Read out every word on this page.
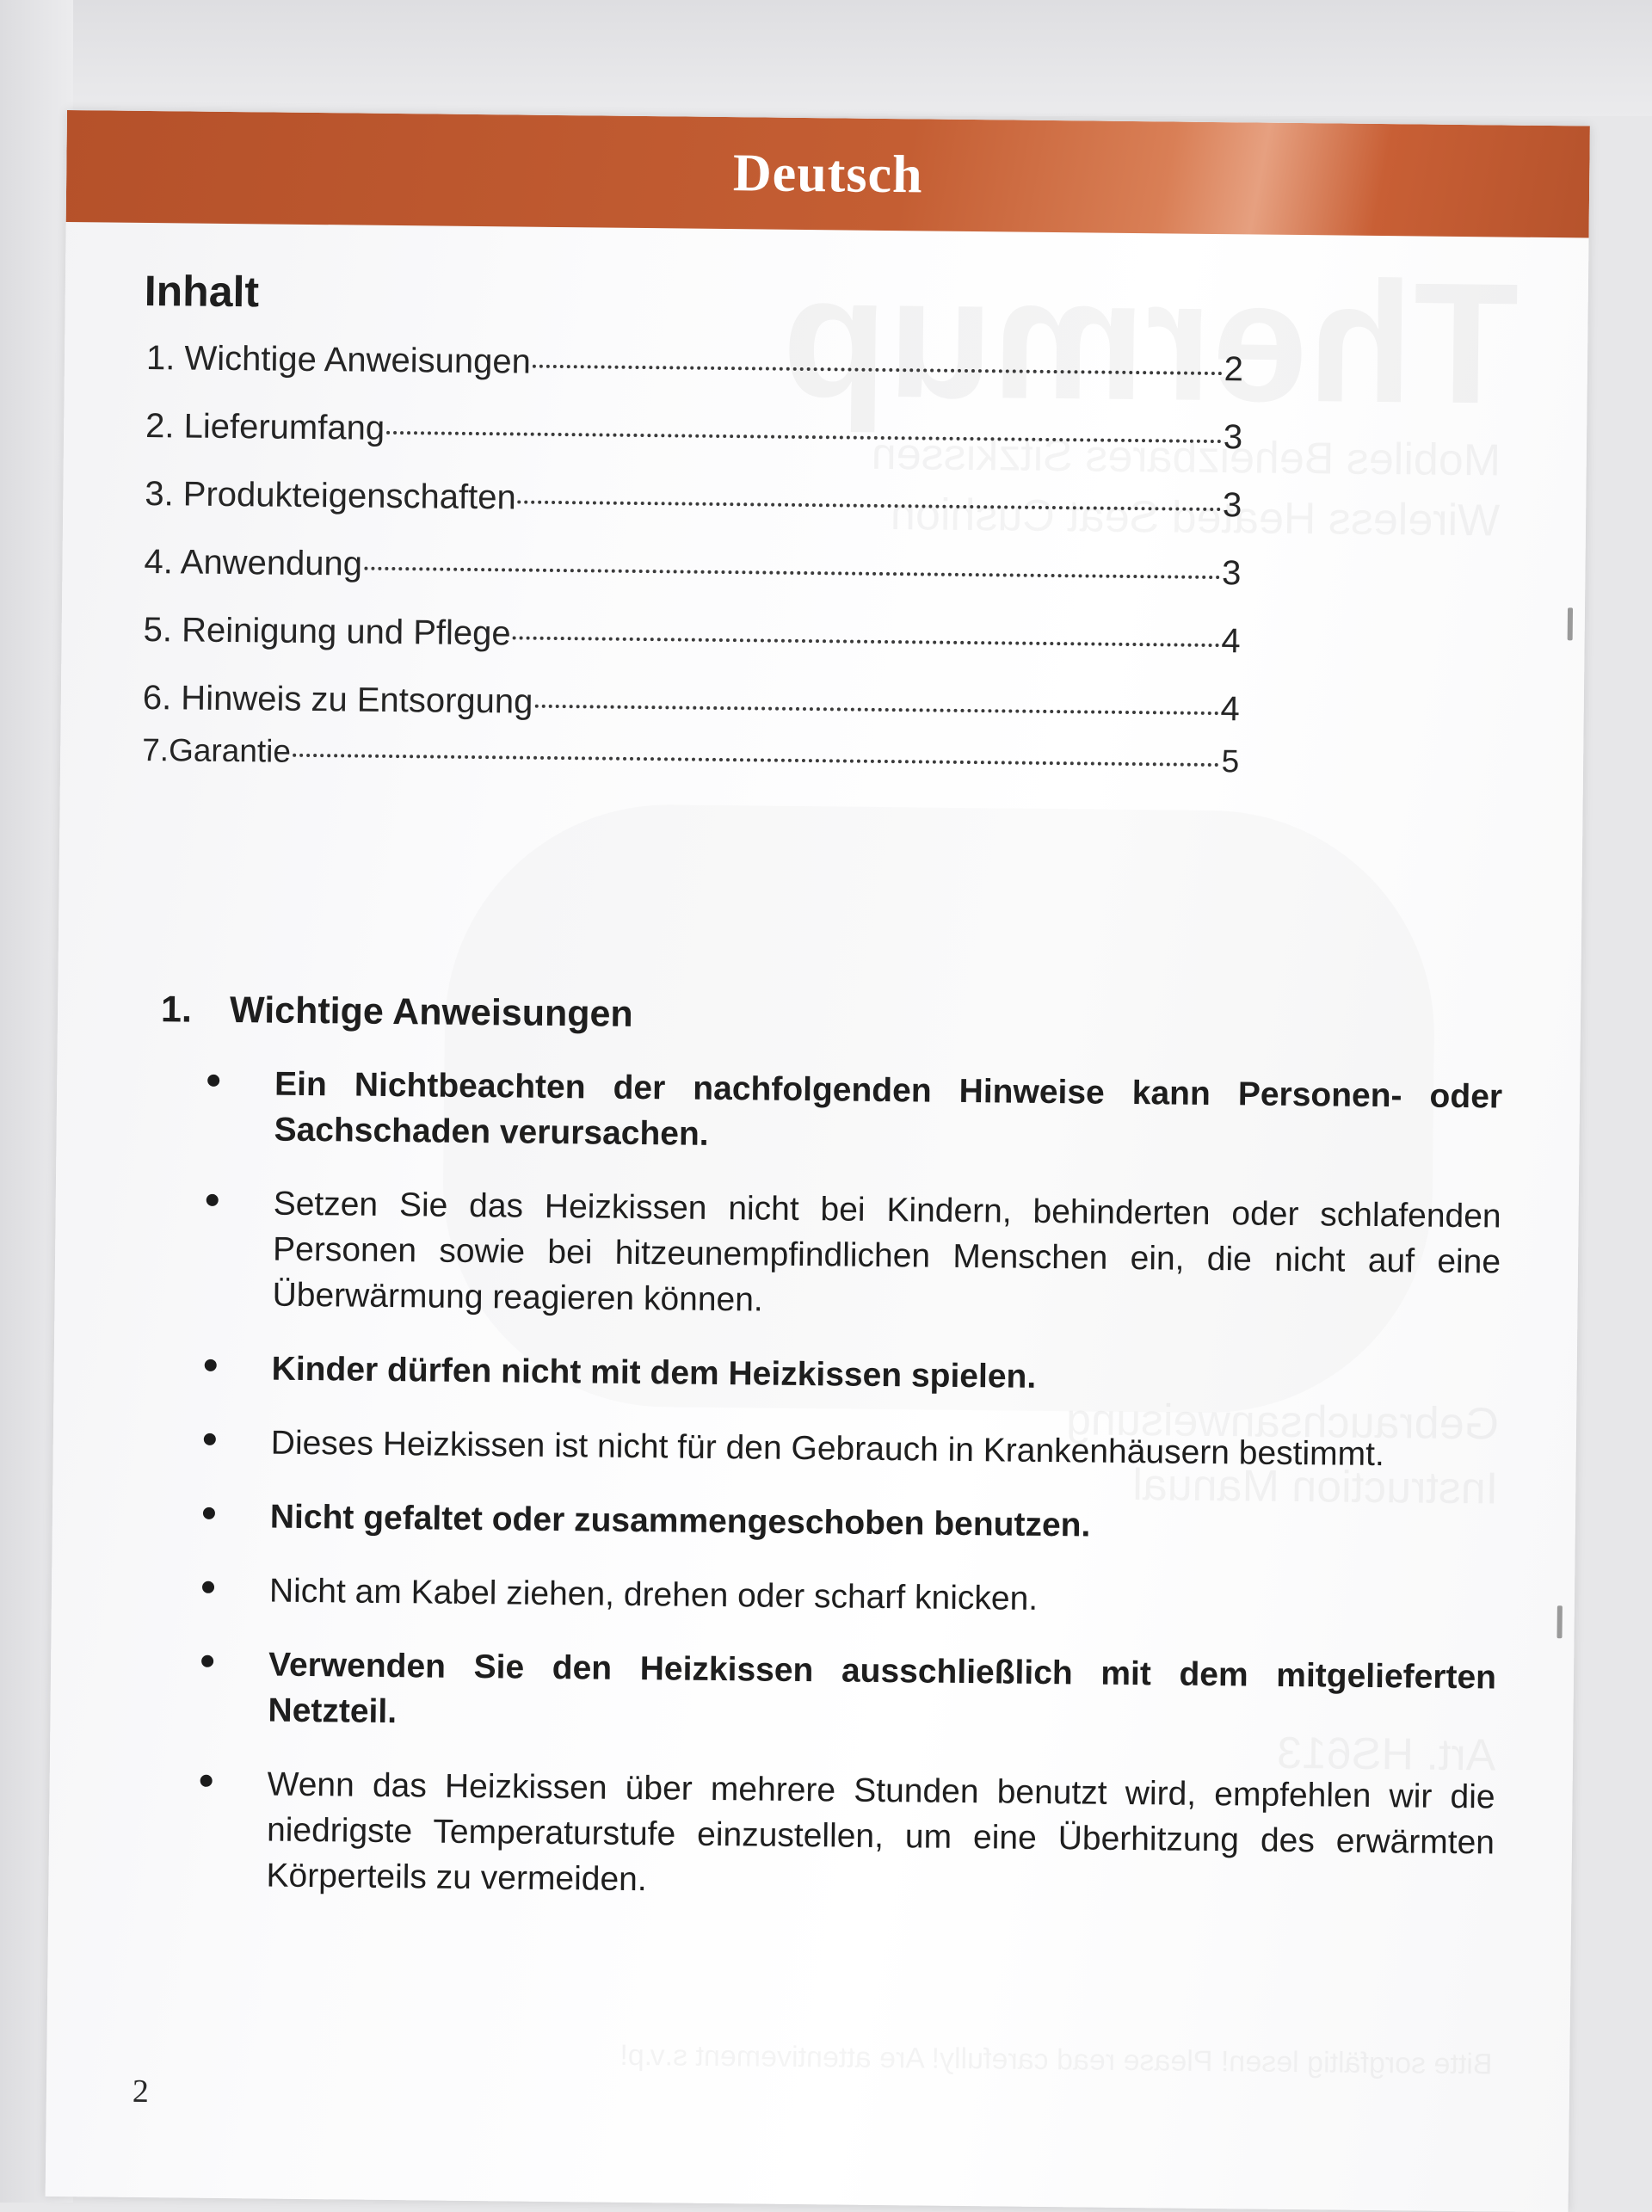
Deutsch
Inhalt
1. Wichtige Anweisungen	2
2. Lieferumfang	3
3. Produkteigenschaften	3
4. Anwendung	3
5. Reinigung und Pflege	4
6. Hinweis zu Entsorgung	4
7.Garantie	5
1. Wichtige Anweisungen
Ein Nichtbeachten der nachfolgenden Hinweise kann Personen- oder Sachschaden verursachen.
Setzen Sie das Heizkissen nicht bei Kindern, behinderten oder schlafenden Personen sowie bei hitzeunempfindlichen Menschen ein, die nicht auf eine Überwärmung reagieren können.
Kinder dürfen nicht mit dem Heizkissen spielen.
Dieses Heizkissen ist nicht für den Gebrauch in Krankenhäusern bestimmt.
Nicht gefaltet oder zusammengeschoben benutzen.
Nicht am Kabel ziehen, drehen oder scharf knicken.
Verwenden Sie den Heizkissen ausschließlich mit dem mitgelieferten Netzteil.
Wenn das Heizkissen über mehrere Stunden benutzt wird, empfehlen wir die niedrigste Temperaturstufe einzustellen, um eine Überhitzung des erwärmten Körperteils zu vermeiden.
2
